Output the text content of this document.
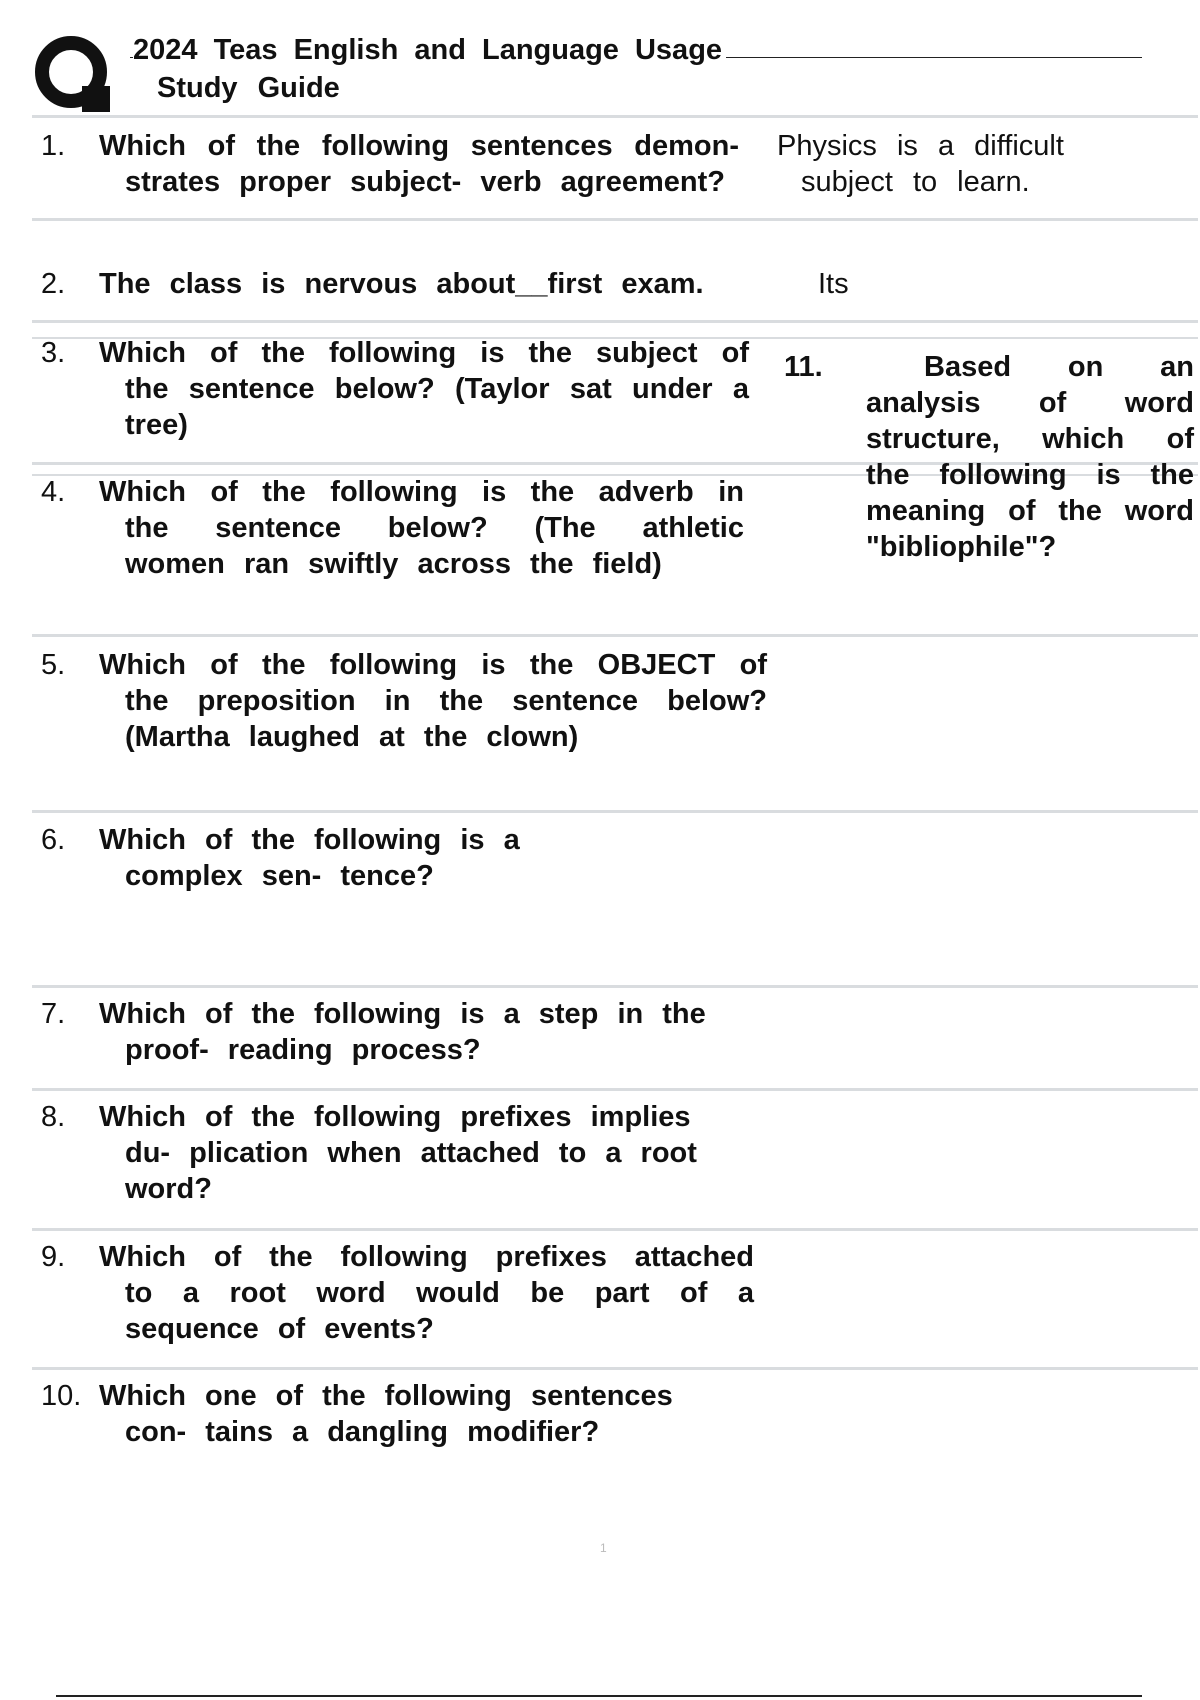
2024 Teas English and Language Usage
Study Guide
1. Which of the following sentences demon- strates proper subject- verb agreement?
Physics is a difficult subject to learn.
2. The class is nervous about__first exam.	Its
3. Which of the following is the subject of the sentence below? (Taylor sat under a tree)
4. Which of the following is the adverb in the sentence below? (The athletic women ran swiftly across the field)
5. Which of the following is the OBJECT of the preposition in the sentence below? (Martha laughed at the clown)
6. Which of the following is a complex sen- tence?
7. Which of the following is a step in the proof- reading process?
8. Which of the following prefixes implies du- plication when attached to a root word?
9. Which of the following prefixes attached to a root word would be part of a sequence of events?
10. Which one of the following sentences con- tains a dangling modifier?
11.	Based on an analysis of word structure, which of the following is the meaning of the word "bibliophile"?
1
